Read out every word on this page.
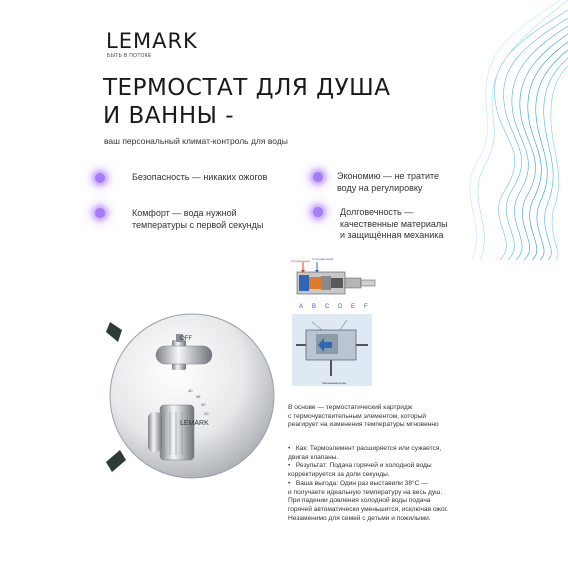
LEMARK
БЫТЬ В ПОТОКЕ
ТЕРМОСТАТ ДЛЯ ДУША
И ВАННЫ -
ваш персональный климат-контроль для воды
Безопасность — никаких ожогов	Экономию — не тратите
воду на регулировку
Комфорт — вода нужной
температуры с первой секунды
Долговечность —
качественные материалы
и защищённая механика
Горячая вода Холодная вода
A B C D E F
Смешанная вода
OFF
40
36
30
20
LEMARK
В основе — термостатический картридж
с термочувствительным элементом, который
реагирует на изменения температуры мгновенно
•   Как: Термоэлемент расширяется или сужается,
двигая клапаны.
•   Результат: Подача горячей и холодной воды
корректируется за доли секунды.
•   Ваша выгода: Один раз выставили 38°C —
и получаете идеальную температуру на весь душ.
При падении довления холодной воды подача
горячей автоматически уменьшится, исключая ожог.
Незаменимо для семей с детьми и пожилыми.
